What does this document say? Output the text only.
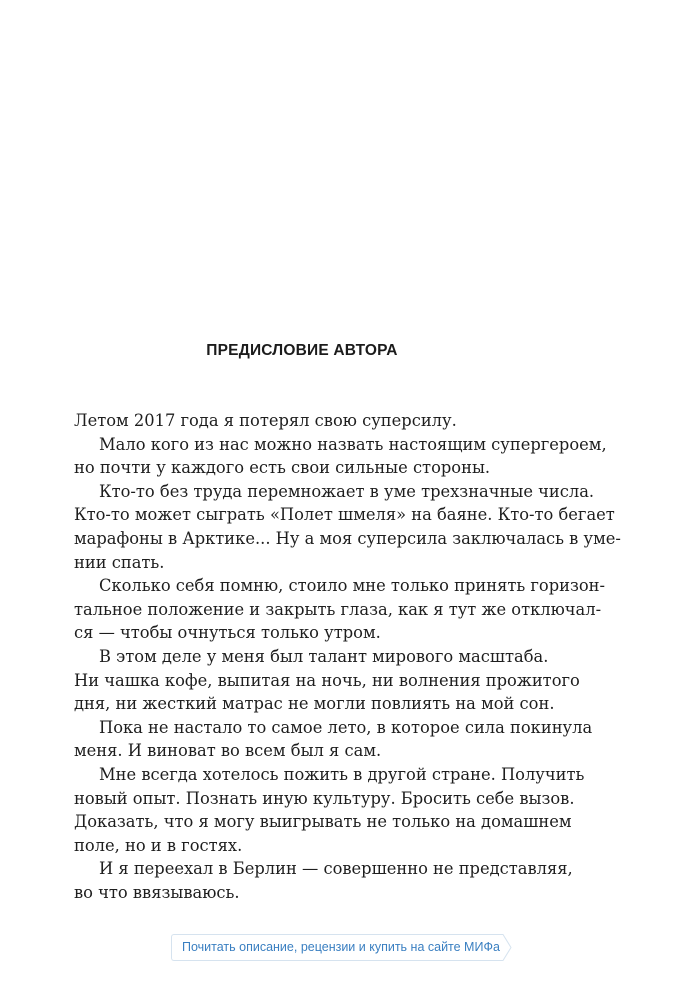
ПРЕДИСЛОВИЕ АВТОРА
Летом 2017 года я потерял свою суперсилу.
Мало кого из нас можно назвать настоящим супергероем,
но почти у каждого есть свои сильные стороны.
Кто-то без труда перемножает в уме трехзначные числа.
Кто-то может сыграть «Полет шмеля» на баяне. Кто-то бегает
марафоны в Арктике... Ну а моя суперсила заключалась в уме-
нии спать.
Сколько себя помню, стоило мне только принять горизон-
тальное положение и закрыть глаза, как я тут же отключал-
ся — чтобы очнуться только утром.
В этом деле у меня был талант мирового масштаба.
Ни чашка кофе, выпитая на ночь, ни волнения прожитого
дня, ни жесткий матрас не могли повлиять на мой сон.
Пока не настало то самое лето, в которое сила покинула
меня. И виноват во всем был я сам.
Мне всегда хотелось пожить в другой стране. Получить
новый опыт. Познать иную культуру. Бросить себе вызов.
Доказать, что я могу выигрывать не только на домашнем
поле, но и в гостях.
И я переехал в Берлин — совершенно не представляя,
во что ввязываюсь.
Почитать описание, рецензии и купить на сайте МИФа
